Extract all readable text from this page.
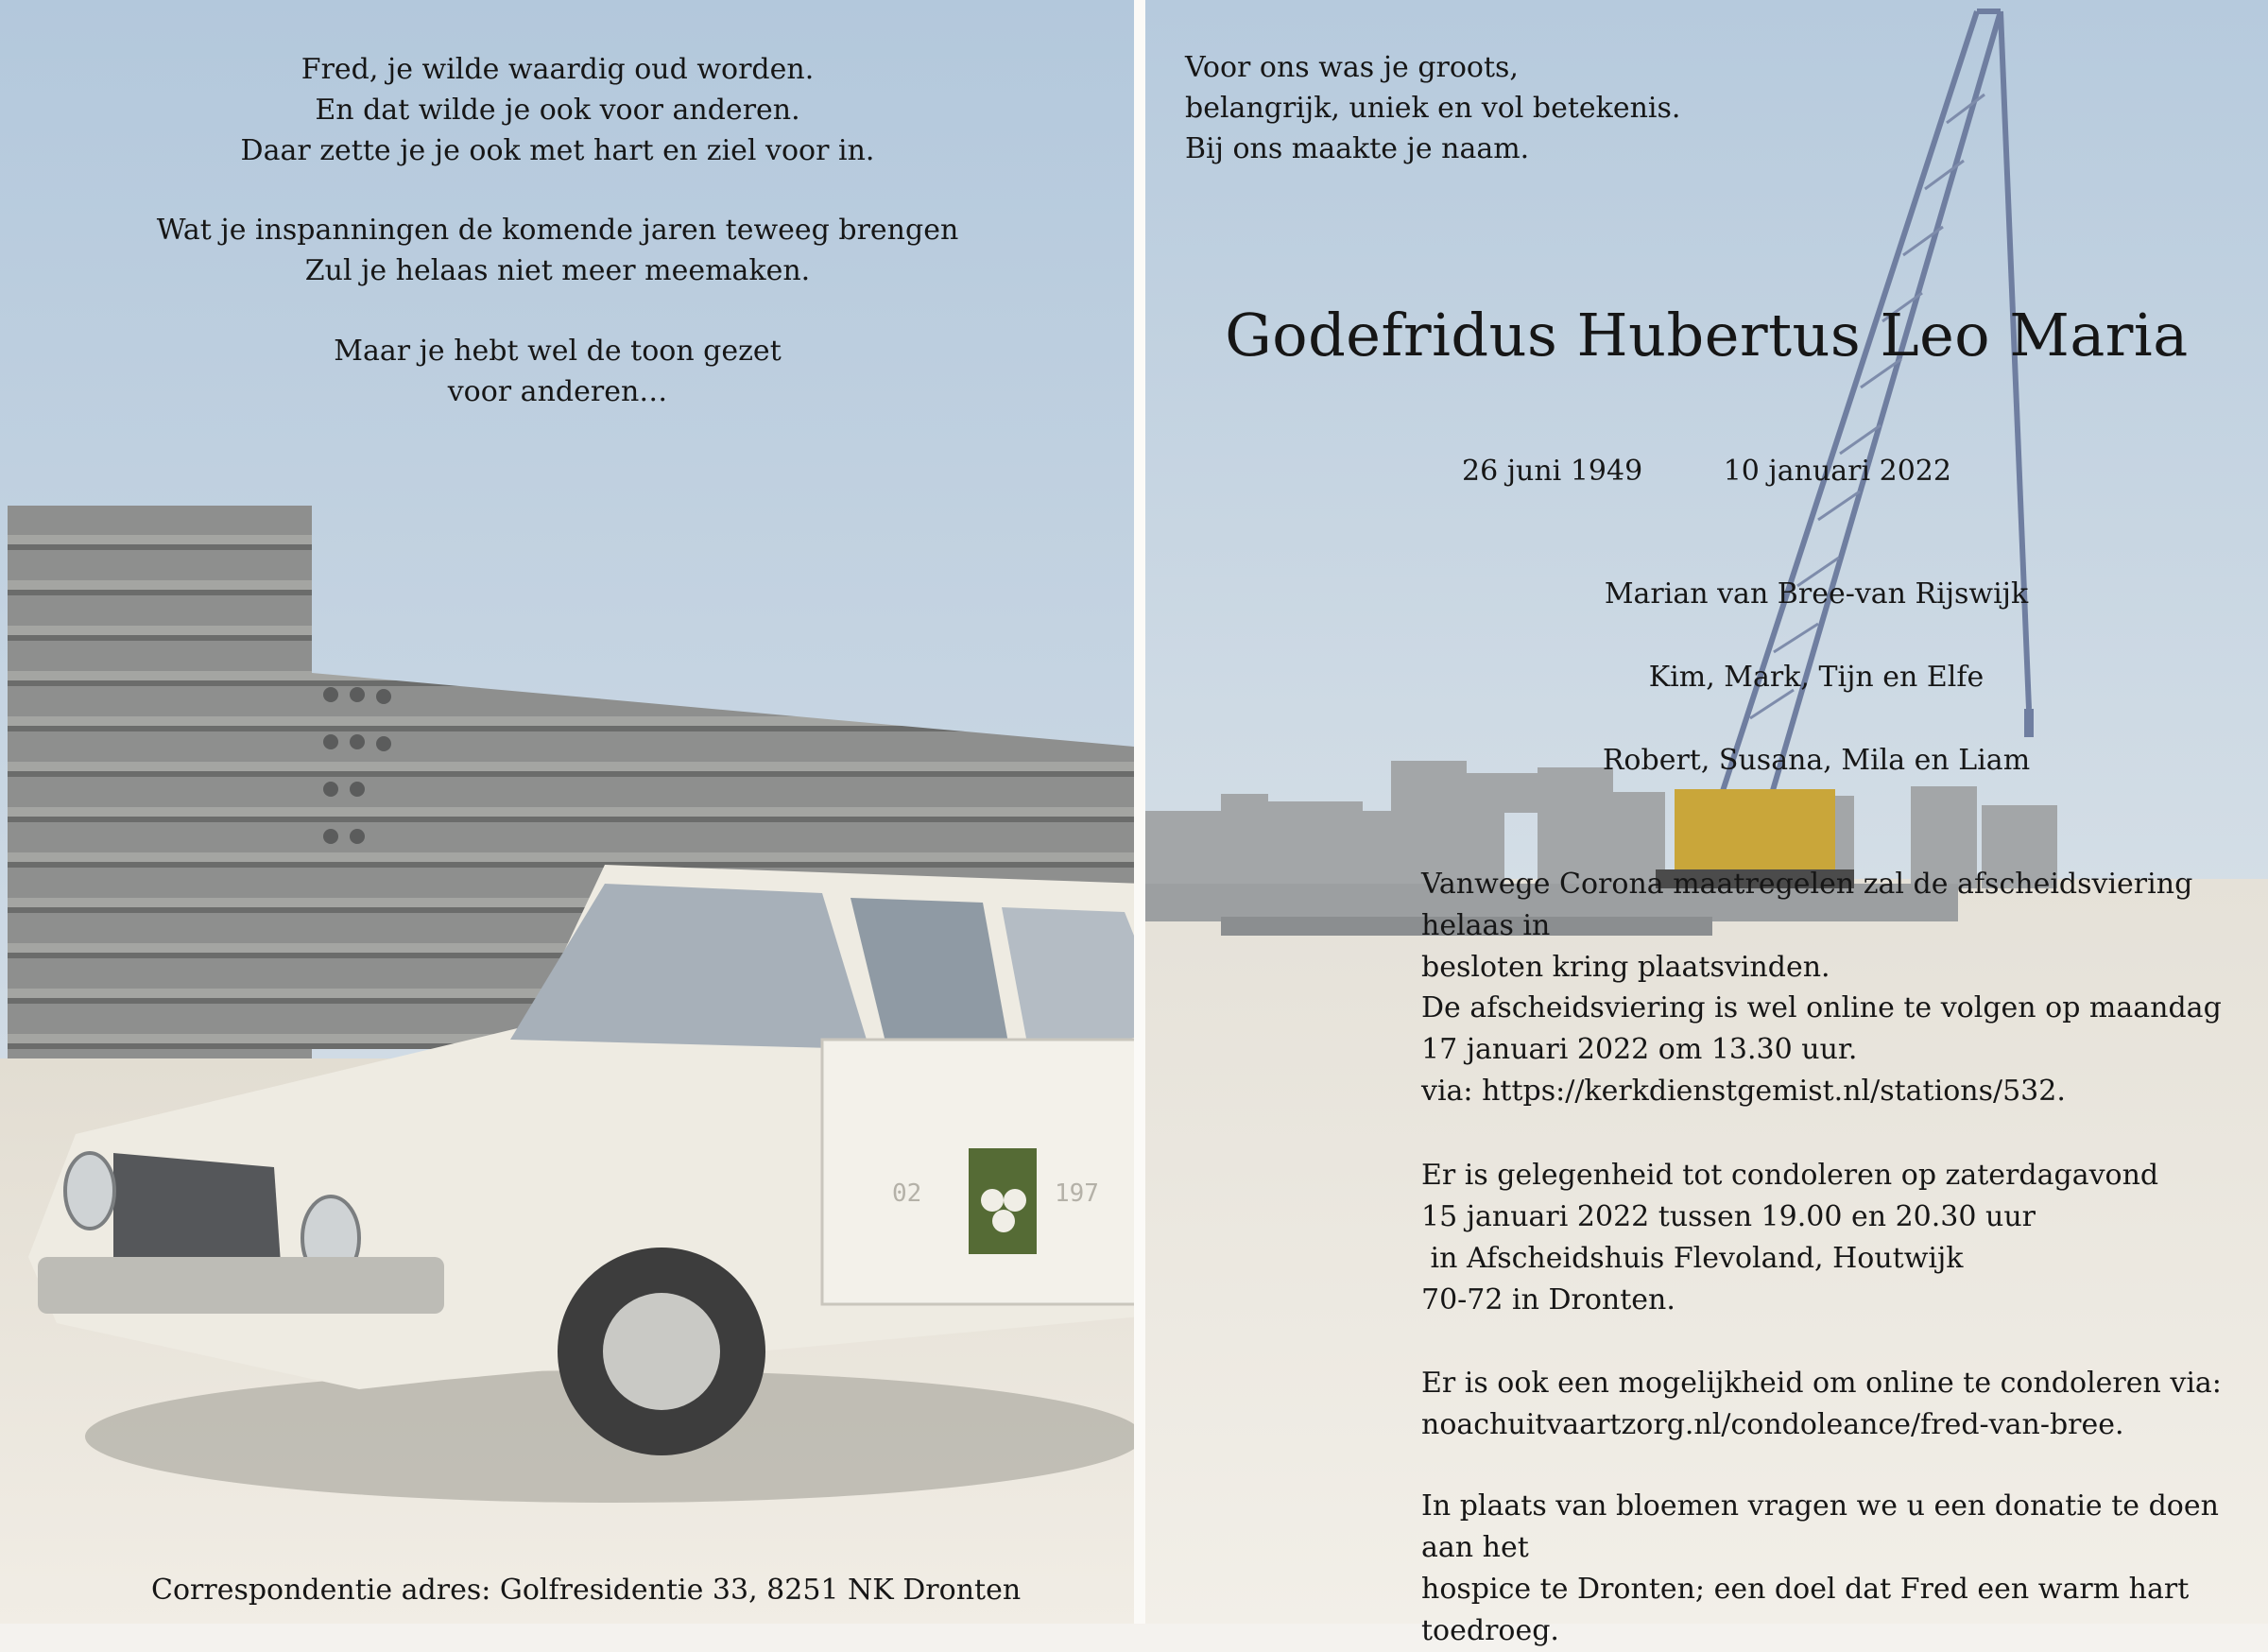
Fred, je wilde waardig oud worden.
En dat wilde je ook voor anderen.
Daar zette je je ook met hart en ziel voor in.

Wat je inspanningen de komende jaren teweeg brengen
Zul je helaas niet meer meemaken.

Maar je hebt wel de toon gezet
voor anderen…

02	197

Correspondentie adres: Golfresidentie 33, 8251 NK Dronten

Voor ons was je groots,
belangrijk, uniek en vol betekenis.
Bij ons maakte je naam.

Godefridus Hubertus Leo Maria
26 juni 1949	10 januari 2022

Marian van Bree-van Rijswijk

Kim, Mark, Tijn en Elfe

Robert, Susana, Mila en Liam

Vanwege Corona maatregelen zal de afscheidsviering helaas in
besloten kring plaatsvinden.

De afscheidsviering is wel online te volgen op maandag
17 januari 2022 om 13.30 uur.
via: https://kerkdienstgemist.nl/stations/532.

Er is gelegenheid tot condoleren op zaterdagavond
15 januari 2022 tussen 19.00 en 20.30 uur
in Afscheidshuis Flevoland, Houtwijk
70-72 in Dronten.

Er is ook een mogelijkheid om online te condoleren via:
noachuitvaartzorg.nl/condoleance/fred-van-bree.

In plaats van bloemen vragen we u een donatie te doen aan het
hospice te Dronten; een doel dat Fred een warm hart toedroeg.
